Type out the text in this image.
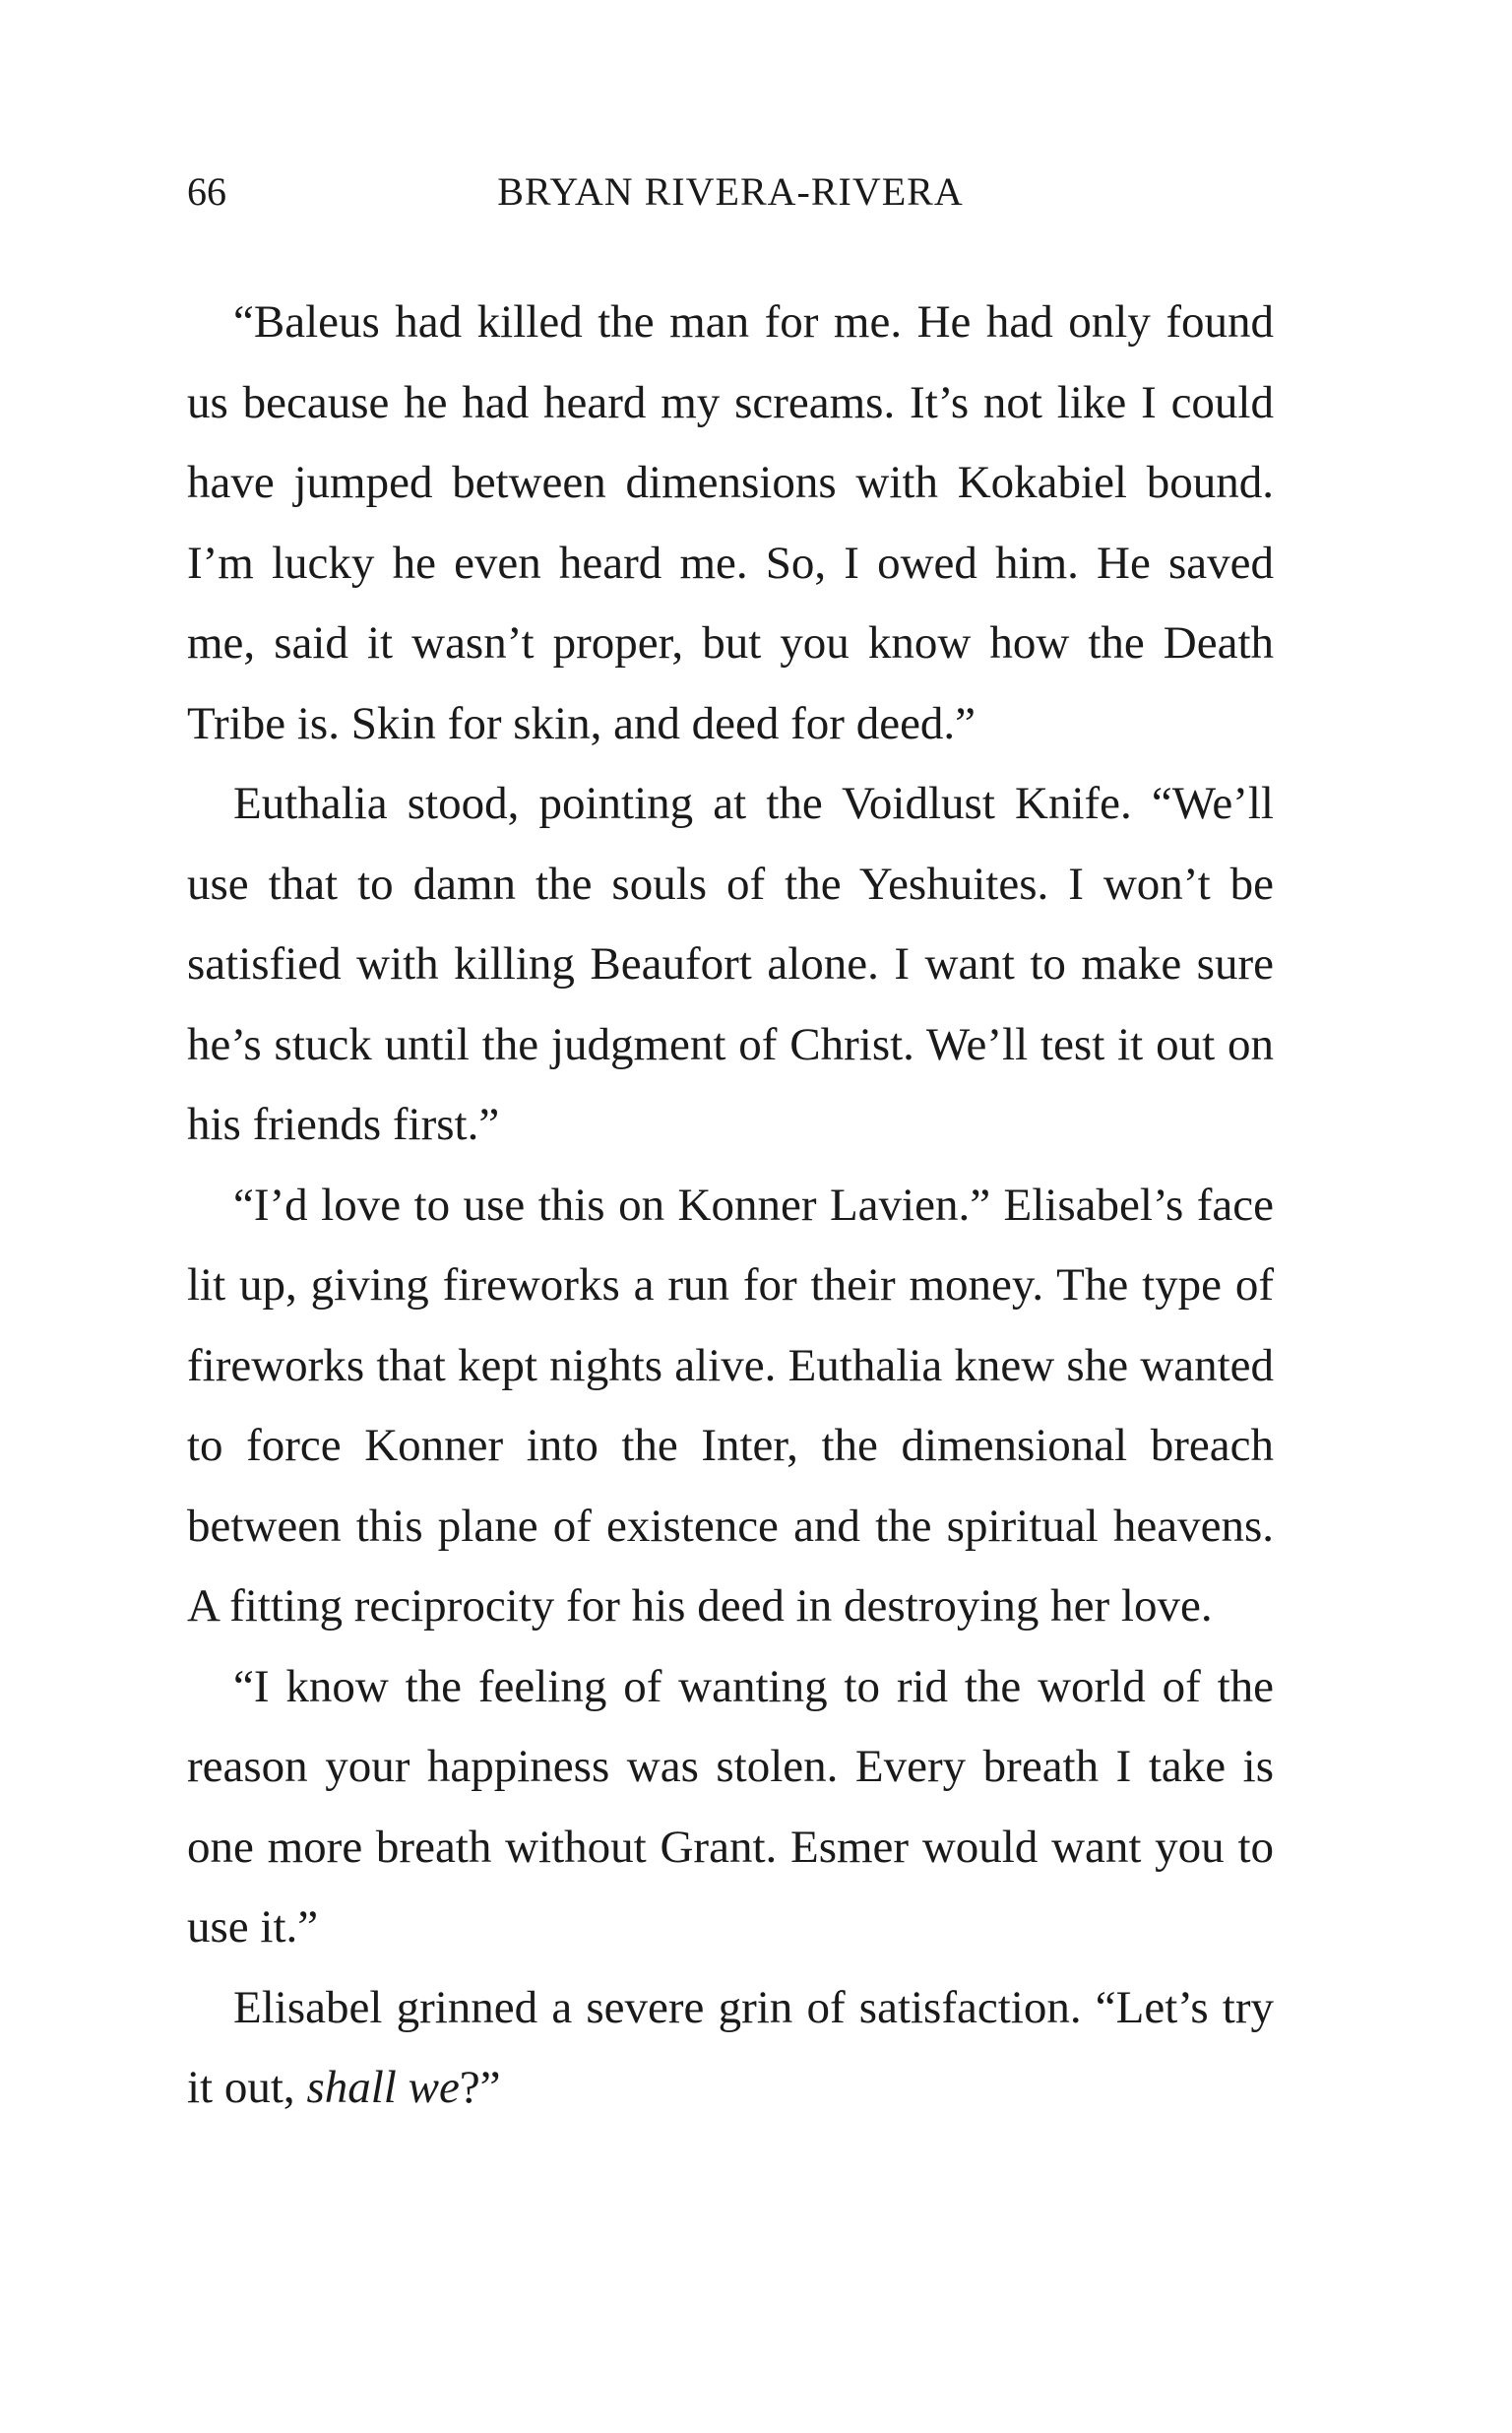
66	BRYAN RIVERA-RIVERA

“Baleus had killed the man for me. He had only found us because he had heard my screams. It’s not like I could have jumped between dimensions with Kokabiel bound. I’m lucky he even heard me. So, I owed him. He saved me, said it wasn’t proper, but you know how the Death Tribe is. Skin for skin, and deed for deed.”

Euthalia stood, pointing at the Voidlust Knife. “We’ll use that to damn the souls of the Yeshuites. I won’t be satisfied with killing Beaufort alone. I want to make sure he’s stuck until the judgment of Christ. We’ll test it out on his friends first.”

“I’d love to use this on Konner Lavien.” Elisabel’s face lit up, giving fireworks a run for their money. The type of fireworks that kept nights alive. Euthalia knew she wanted to force Konner into the Inter, the dimensional breach between this plane of existence and the spiritual heavens. A fitting reciprocity for his deed in destroying her love.

“I know the feeling of wanting to rid the world of the reason your happiness was stolen. Every breath I take is one more breath without Grant. Esmer would want you to use it.”

Elisabel grinned a severe grin of satisfaction. “Let’s try it out, shall we?”
